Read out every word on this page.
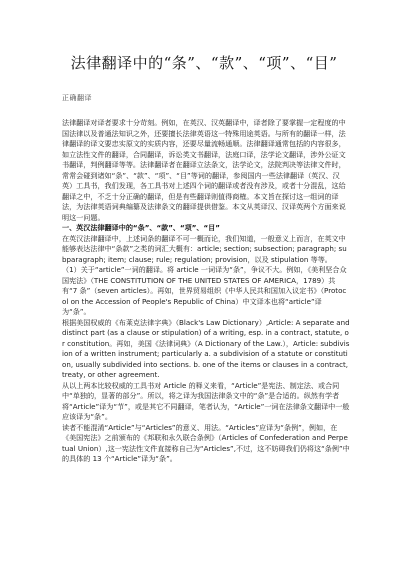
法律翻译中的“条”、“款”、“项”、“目”
正确翻译

法律翻译对译者要求十分苛刻。例如，在英汉、汉英翻译中，译者除了要掌握一定程度的中国法律以及普通法知识之外，还要擅长法律英语这一特殊用途英语。与所有的翻译一样，法律翻译的译文要忠实原文的实质内容，还要尽量流畅通顺。法律翻译通常包括的内容很多，如立法性文件的翻译，合同翻译，诉讼类文书翻译，法庭口译，法学论文翻译，涉外公证文书翻译，判例翻译等等。法律翻译者在翻译立法条文，法学论文，法院判决等法律文件时，常常会碰到诸如“条”、“款”、“项”、“目”等词的翻译，参阅国内一些法律翻译（英汉、汉英）工具书，我们发现，各工具书对上述四个词的翻译或者没有涉及，或者十分混乱，这给翻译之中，不乏十分正确的翻译，但是有些翻译则值得商榷。本文旨在探讨这一组词的译法，为法律英语词典编纂及法律条文的翻译提供借鉴。本文从英译汉、汉译英两个方面来说明这一问题。

一、英汉法律翻译中的“条”、“款”、“项”、“目”

在英汉法律翻译中，上述词条的翻译不可一概而论，我们知道，一般意义上而言，在英文中能够表达法律中“条款”之类的词汇大概有：article; section; subsection; paragraph; subparagraph; item; clause; rule; regulation; provision，以及 stipulation 等等。

（1）关于“article”一词的翻译。将 article 一词译为“条”，争议不大。例如，《美利坚合众国宪法》（THE CONSTITUTION OF THE UNITED STATES OF AMERICA，1789）共有“7 条”（seven articles）。再如，世界贸易组织《中华人民共和国加入议定书》（Protocol on the Accession of People's Republic of China）中文译本也将“article”译为“条”。

根据美国权威的《布莱克法律字典》（Black's Law Dictionary）,Article: A separate and distinct part (as a clause or stipulation) of a writing, esp. in a contract, statute, or constitution。再如，美国《法律词典》（A Dictionary of the Law.），Article: subdivision of a written instrument; particularly a. a subdivision of a statute or constitution, usually subdivided into sections. b. one of the items or clauses in a contract, treaty, or other agreement.

从以上两本比较权威的工具书对 Article 的释义来看，“Article”是宪法、制定法、或合同中“单独的，显著的部分”。所以，将之译为我国法律条文中的“条”是合适的。纵然有学者将“Article”译为“节”，或是其它不同翻译，笔者认为，“Article”一词在法律条文翻译中一般应该译为“条”。

读者不能混淆“Article”与“Articles”的意义、用法。“Articles”应译为“条例”，例如，在《美国宪法》之前颁布的《邦联和永久联合条例》（Articles of Confederation and Perpetual Union）,这一宪法性文件直接称自己为“Articles”,不过，这不妨碍我们仍将这“条例”中的具体的 13 个“Article”译为“条”。
